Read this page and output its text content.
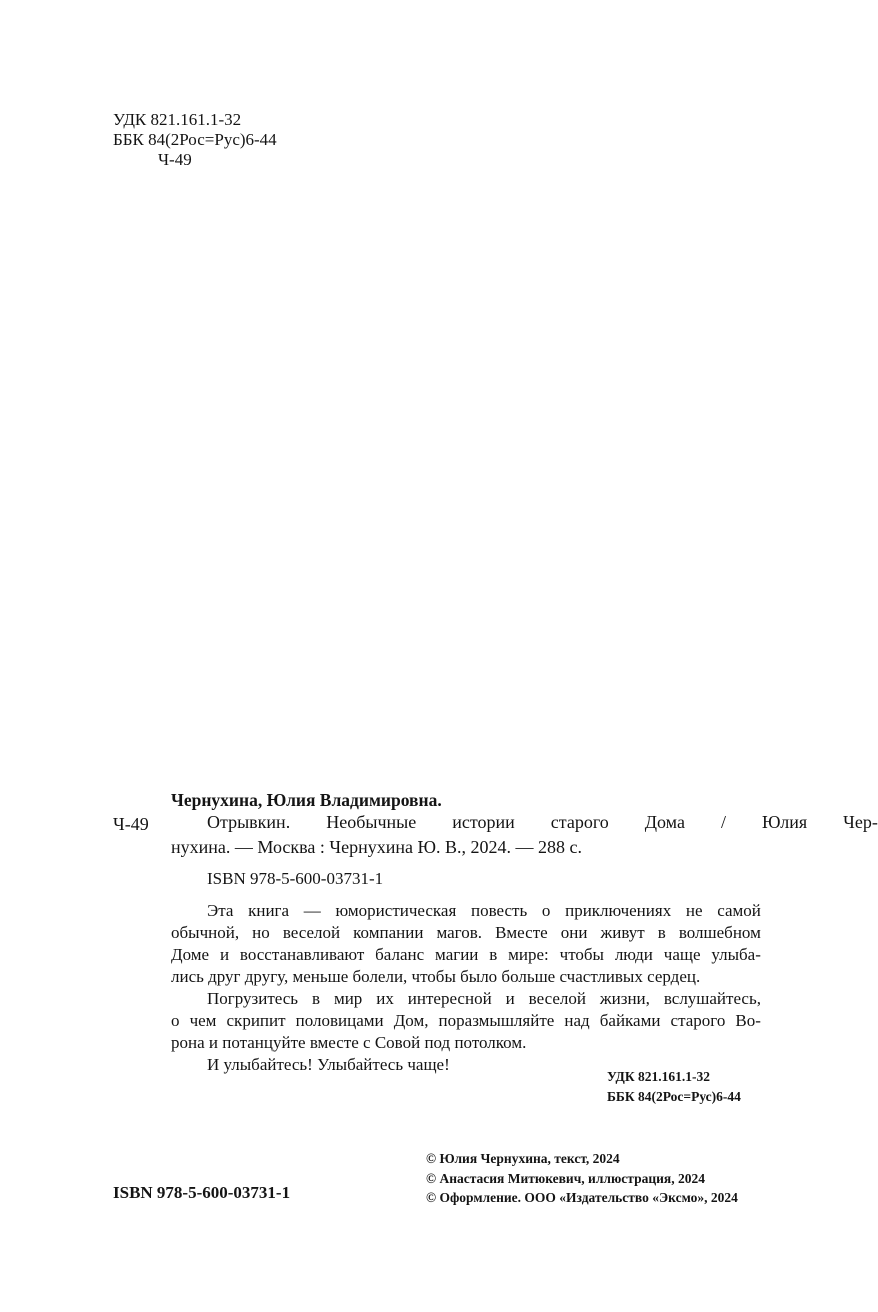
УДК 821.161.1-32
ББК 84(2Рос=Рус)6-44
Ч-49
Чернухина, Юлия Владимировна.
Ч-49	Отрывкин.	Необычные	истории	старого	Дома	/	Юлия	Чер-
нухина. — Москва : Чернухина Ю. В., 2024. — 288 с.
ISBN 978-5-600-03731-1
Эта книга — юмористическая повесть о приключениях не самой
обычной, но веселой компании магов. Вместе они живут в волшебном
Доме и восстанавливают баланс магии в мире: чтобы люди чаще улыба-
лись друг другу, меньше болели, чтобы было больше счастливых сердец.
Погрузитесь в мир их интересной и веселой жизни, вслушайтесь,
о чем скрипит половицами Дом, поразмышляйте над байками старого Во-
рона и потанцуйте вместе с Совой под потолком.
И улыбайтесь! Улыбайтесь чаще!
УДК 821.161.1-32
ББК 84(2Рос=Рус)6-44
© Юлия Чернухина, текст, 2024
© Анастасия Митюкевич, иллюстрация, 2024
© Оформление. ООО «Издательство «Эксмо», 2024
ISBN 978-5-600-03731-1
